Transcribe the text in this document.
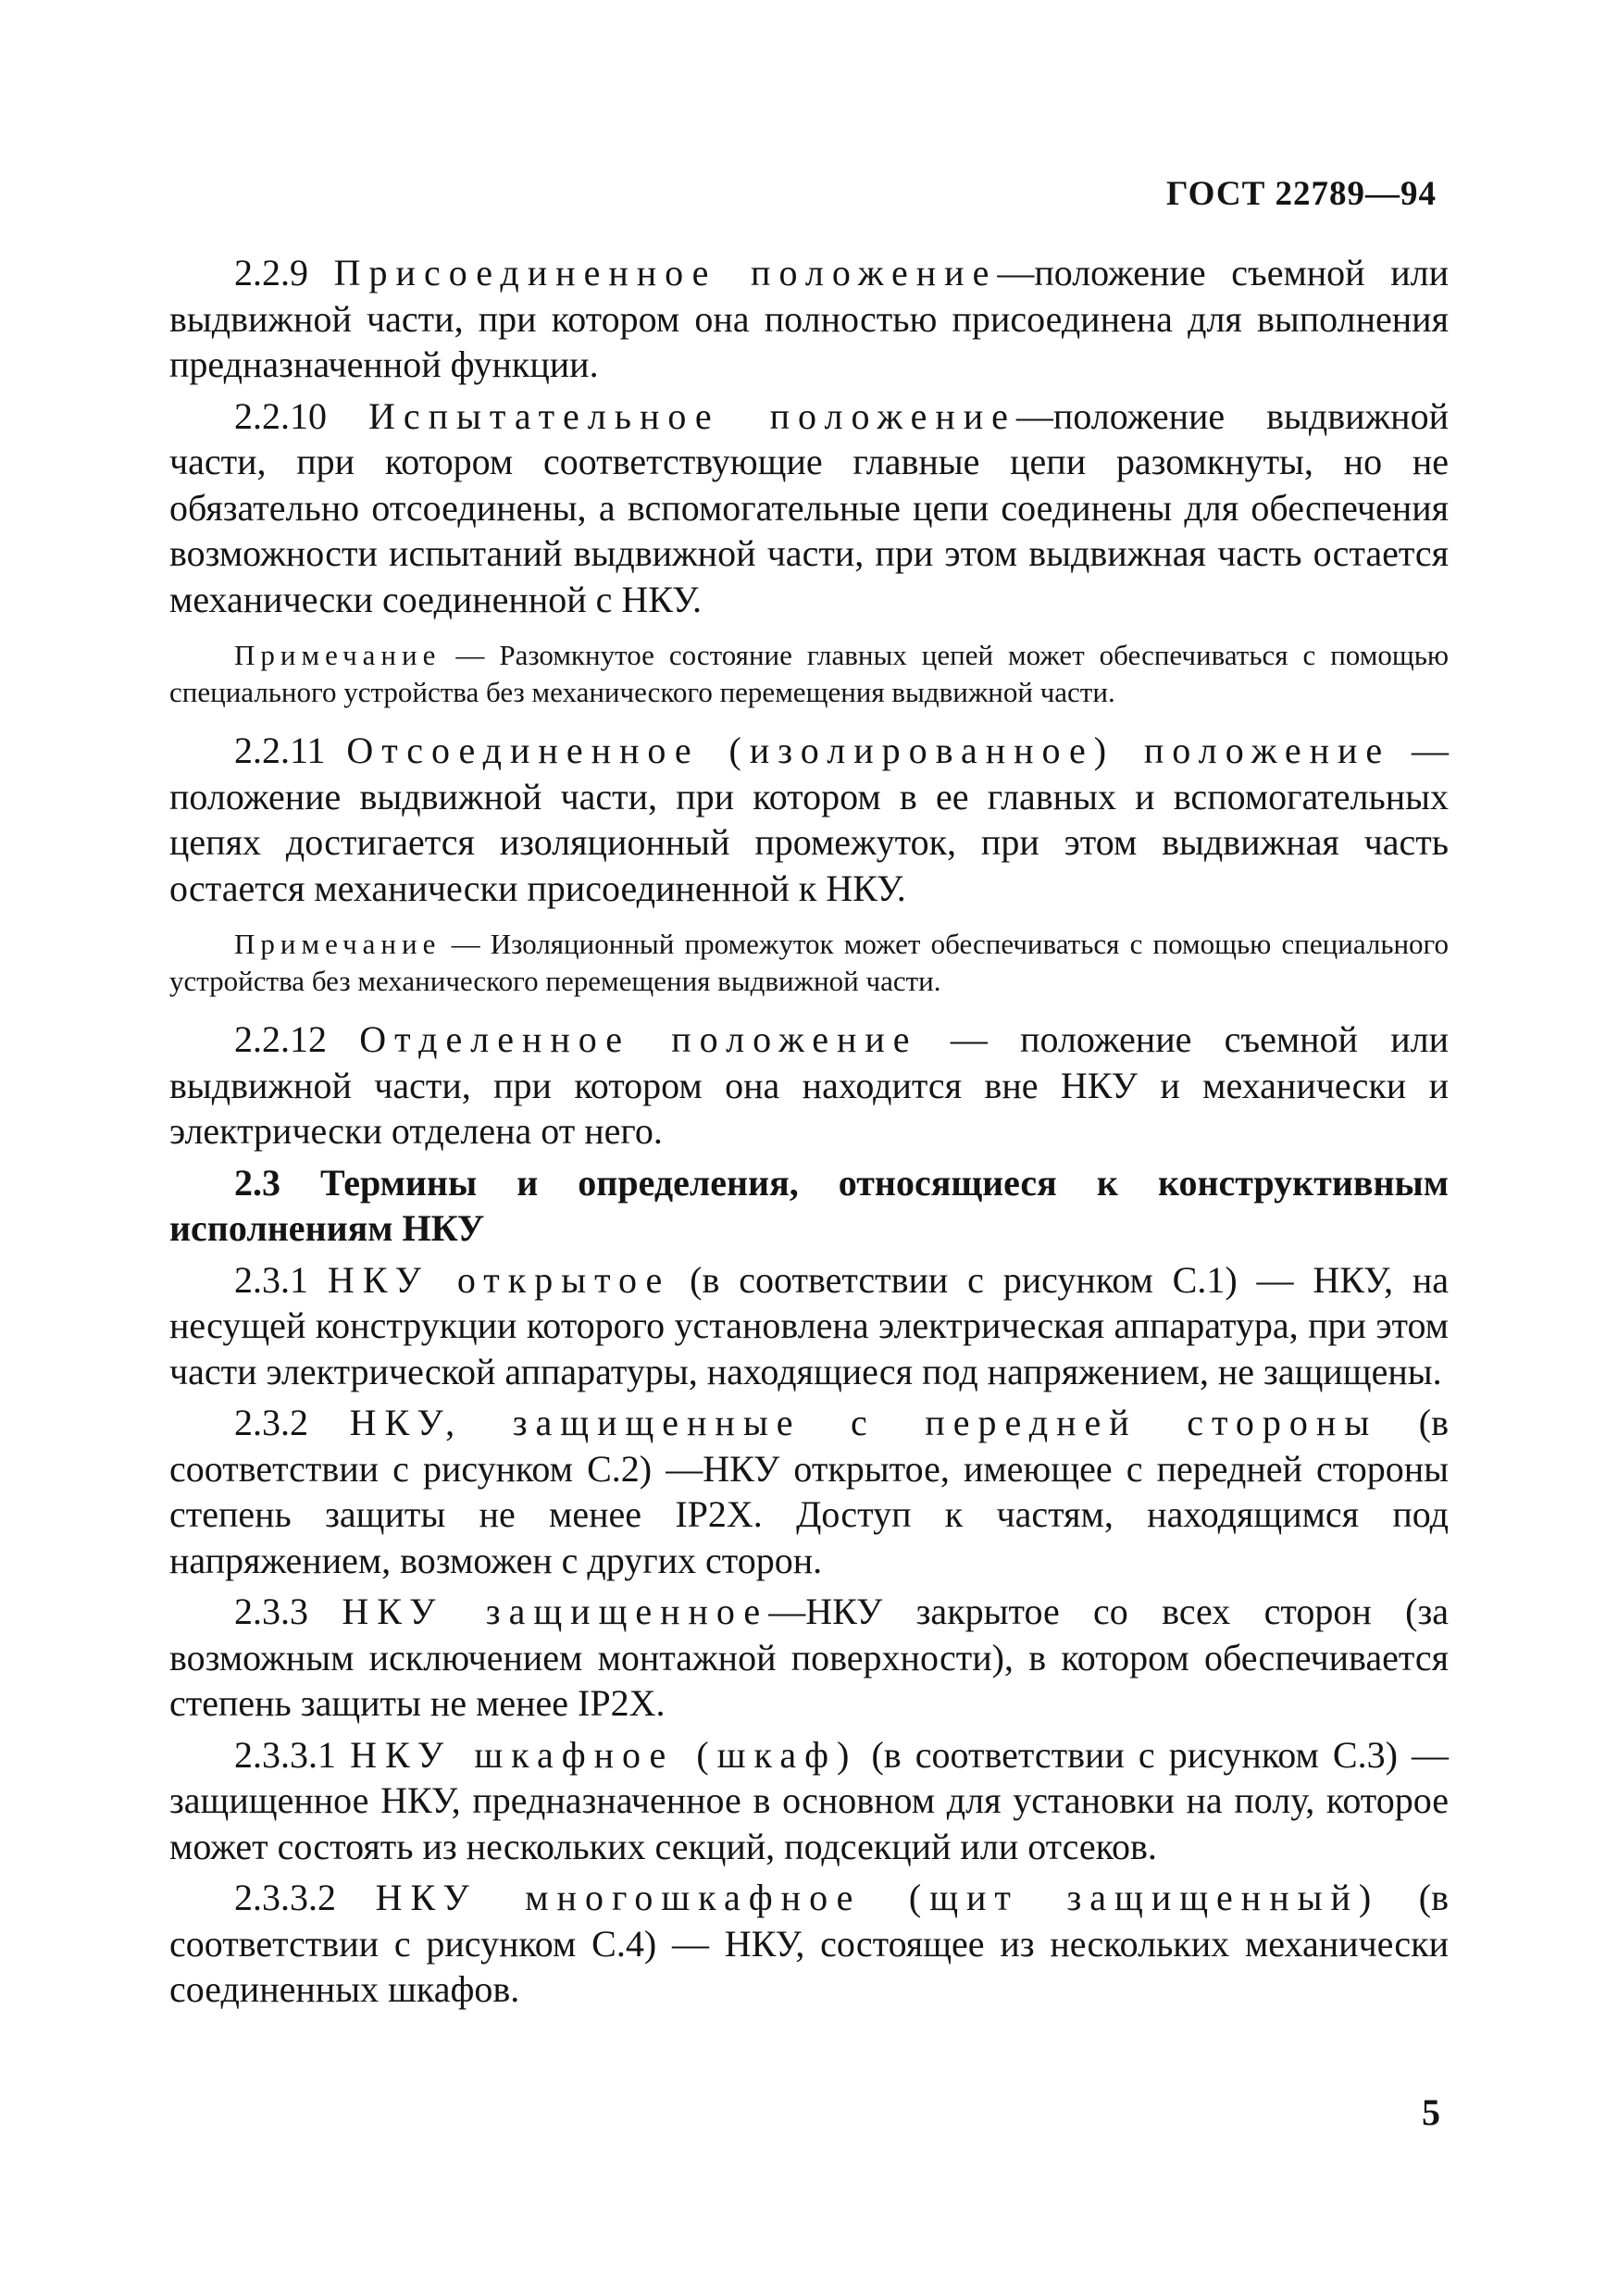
ГОСТ 22789—94

2.2.9 Присоединенное положение—положение съемной или выдвижной части, при котором она полностью присоединена для выполнения предназначенной функции.

2.2.10 Испытательное положение—положение выдвижной части, при котором соответствующие главные цепи разомкнуты, но не обязательно отсоединены, а вспомогательные цепи соединены для обеспечения возможности испытаний выдвижной части, при этом выдвижная часть остается механически соединенной с НКУ.

Примечание — Разомкнутое состояние главных цепей может обеспечиваться с помощью специального устройства без механического перемещения выдвижной части.

2.2.11 Отсоединенное (изолированное) положение — положение выдвижной части, при котором в ее главных и вспомогательных цепях достигается изоляционный промежуток, при этом выдвижная часть остается механически присоединенной к НКУ.

Примечание — Изоляционный промежуток может обеспечиваться с помощью специального устройства без механического перемещения выдвижной части.

2.2.12 Отделенное положение — положение съемной или выдвижной части, при котором она находится вне НКУ и механически и электрически отделена от него.

2.3 Термины и определения, относящиеся к конструктивным исполнениям НКУ

2.3.1 НКУ открытое (в соответствии с рисунком С.1) — НКУ, на несущей конструкции которого установлена электрическая аппаратура, при этом части электрической аппаратуры, находящиеся под напряжением, не защищены.

2.3.2 НКУ, защищенные с передней стороны (в соответствии с рисунком С.2) —НКУ открытое, имеющее с передней стороны степень защиты не менее IP2X. Доступ к частям, находящимся под напряжением, возможен с других сторон.

2.3.3 НКУ защищенное—НКУ закрытое со всех сторон (за возможным исключением монтажной поверхности), в котором обеспечивается степень защиты не менее IP2X.

2.3.3.1 НКУ шкафное (шкаф) (в соответствии с рисунком С.3) —защищенное НКУ, предназначенное в основном для установки на полу, которое может состоять из нескольких секций, подсекций или отсеков.

2.3.3.2 НКУ многошкафное (щит защищенный) (в соответствии с рисунком С.4) — НКУ, состоящее из нескольких механически соединенных шкафов.

5
